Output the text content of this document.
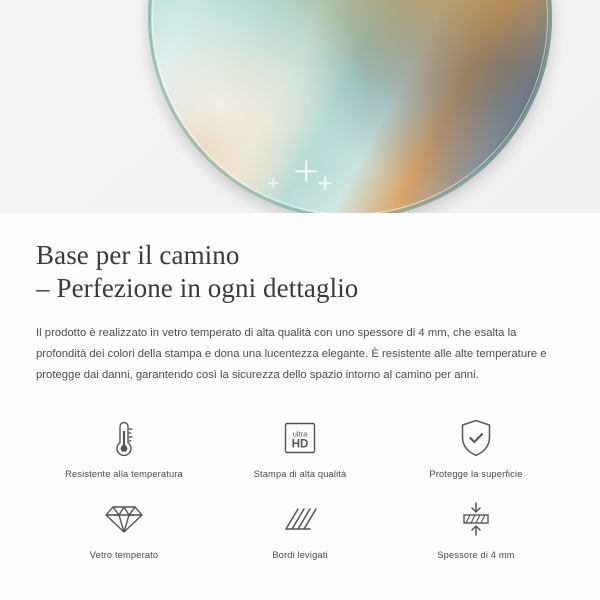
Base per il camino
– Perfezione in ogni dettaglio

Il prodotto è realizzato in vetro temperato di alta qualità con uno spessore di 4 mm, che esalta la profondità dei colori della stampa e dona una lucentezza elegante. È resistente alle alte temperature e protegge dai danni, garantendo così la sicurezza dello spazio intorno al camino per anni.

Resistente alla temperatura
ultra
HD
Stampa di alta qualità	Protegge la superficie
Vetro temperato	Bordi levigati	Spessore di 4 mm
